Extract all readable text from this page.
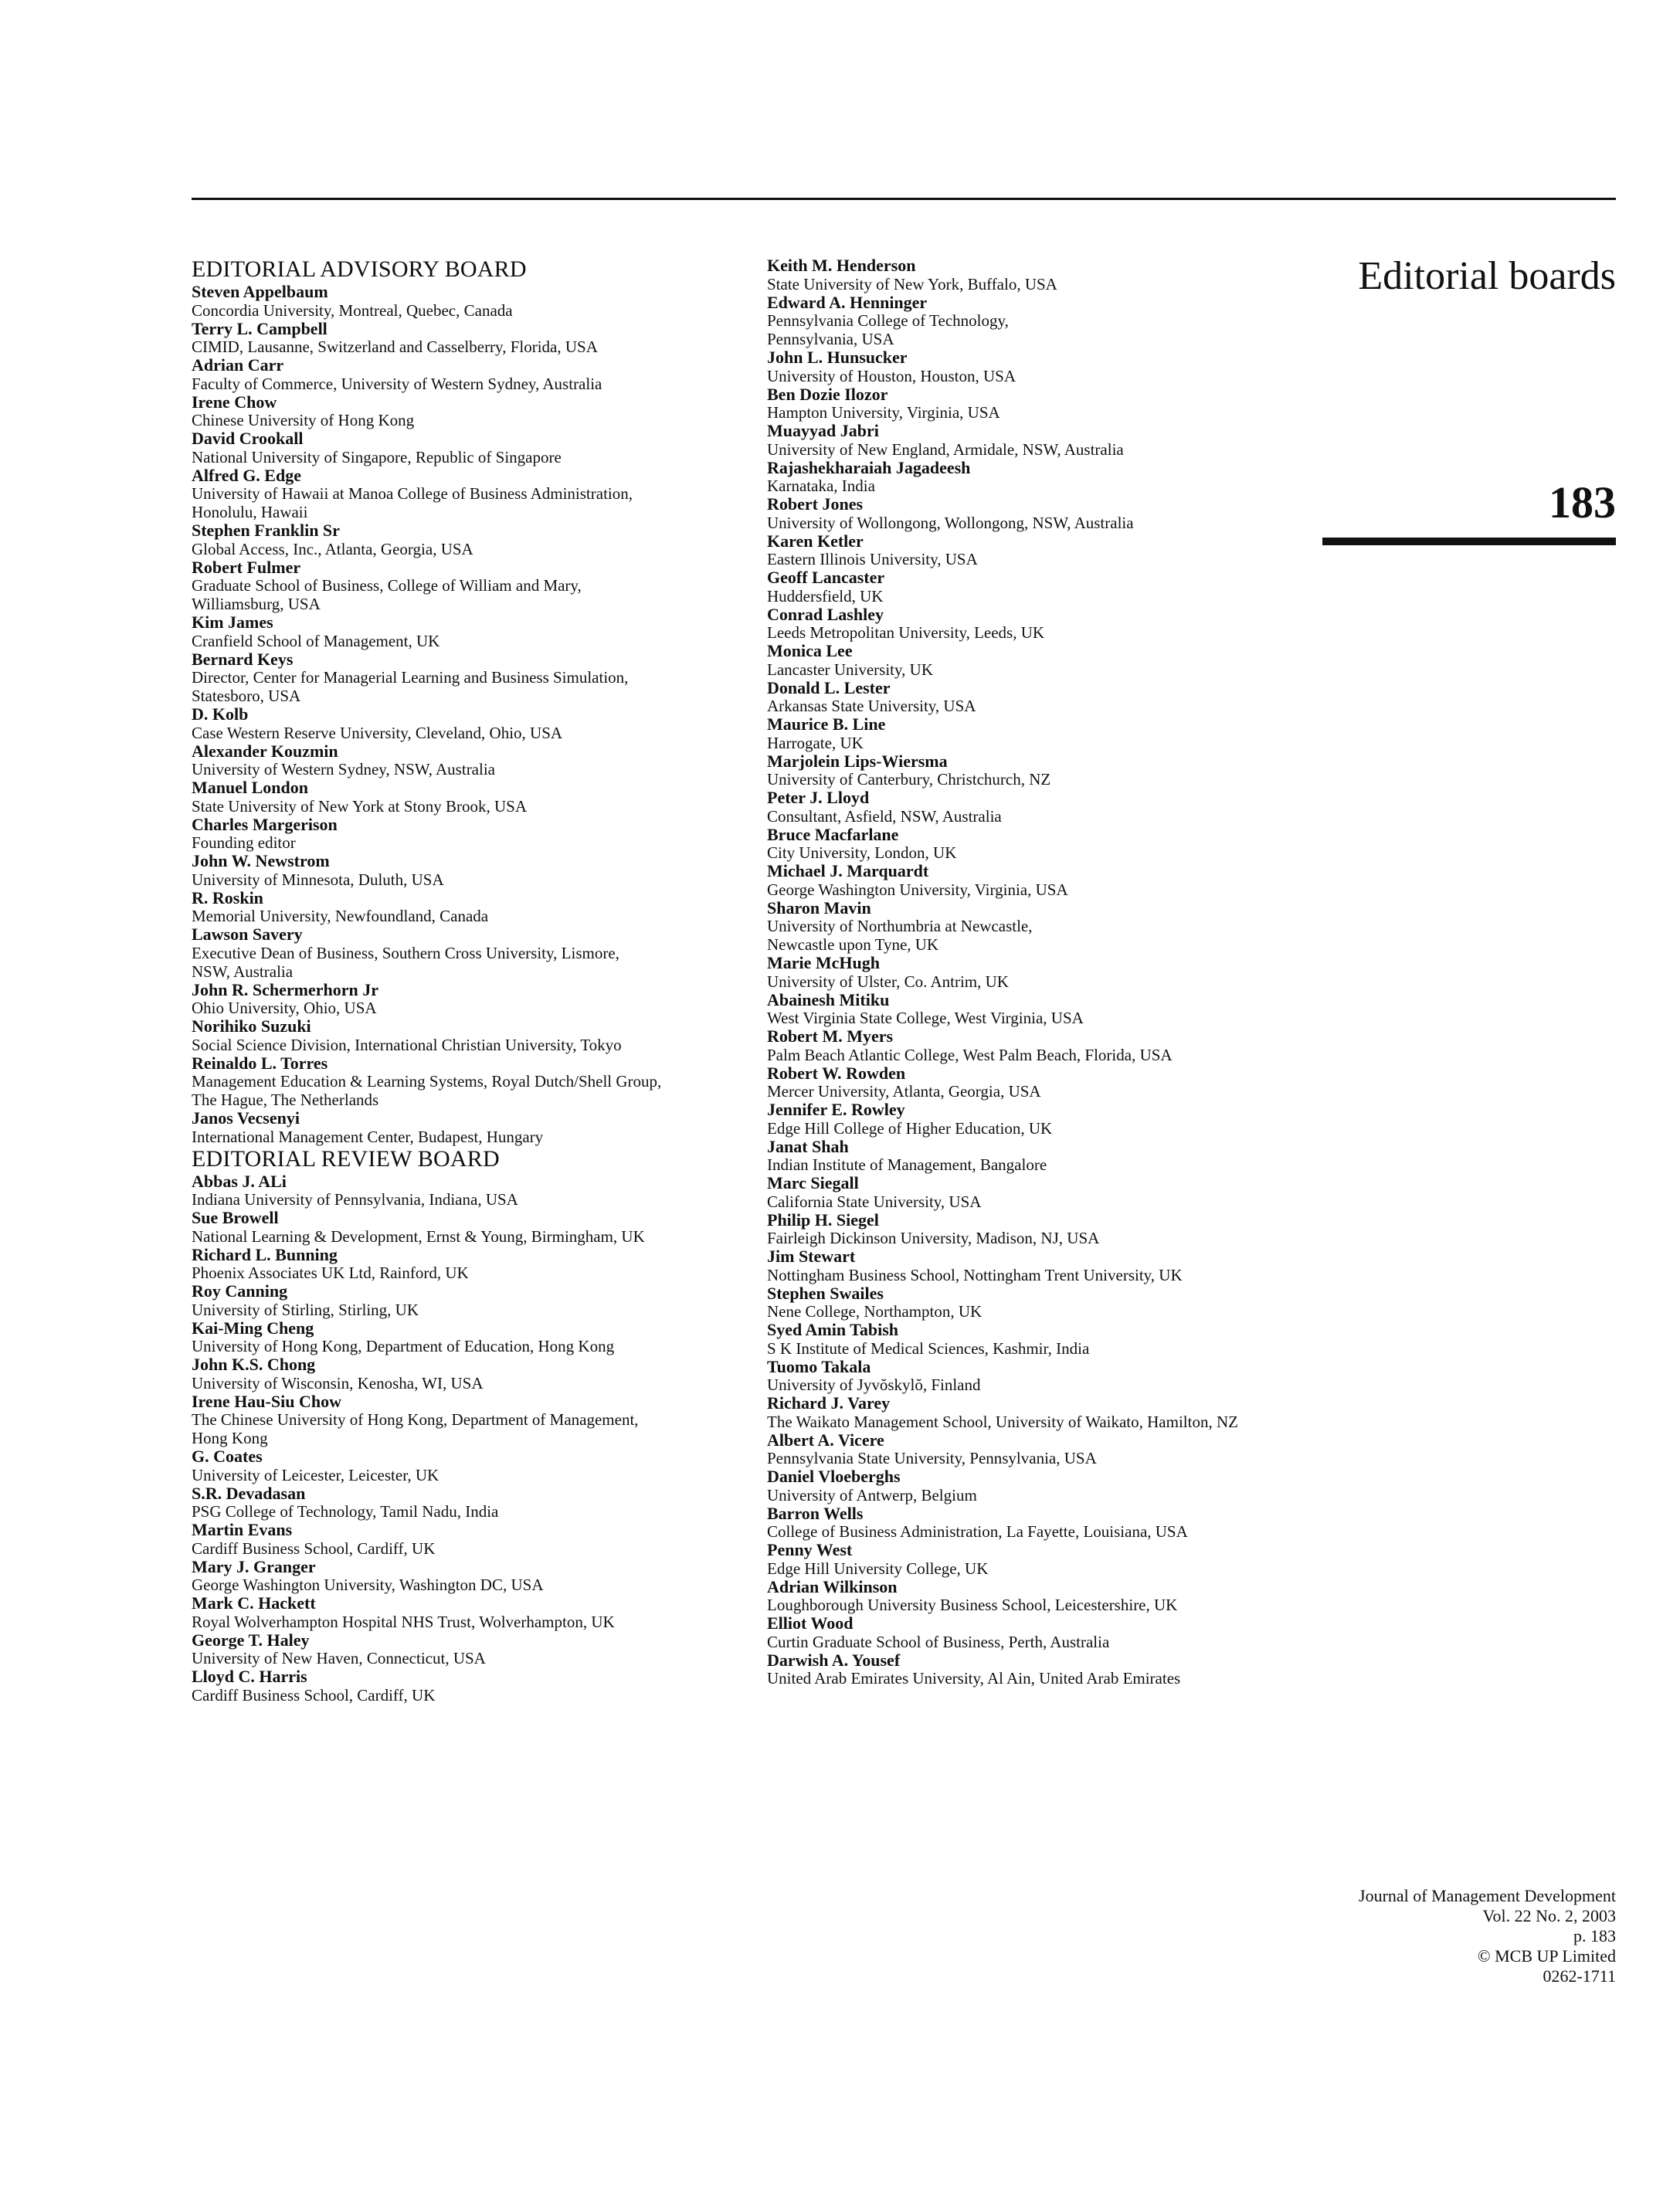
EDITORIAL ADVISORY BOARD
Steven Appelbaum
Concordia University, Montreal, Quebec, Canada
Terry L. Campbell
CIMID, Lausanne, Switzerland and Casselberry, Florida, USA
Adrian Carr
Faculty of Commerce, University of Western Sydney, Australia
Irene Chow
Chinese University of Hong Kong
David Crookall
National University of Singapore, Republic of Singapore
Alfred G. Edge
University of Hawaii at Manoa College of Business Administration,
Honolulu, Hawaii
Stephen Franklin Sr
Global Access, Inc., Atlanta, Georgia, USA
Robert Fulmer
Graduate School of Business, College of William and Mary,
Williamsburg, USA
Kim James
Cranfield School of Management, UK
Bernard Keys
Director, Center for Managerial Learning and Business Simulation,
Statesboro, USA
D. Kolb
Case Western Reserve University, Cleveland, Ohio, USA
Alexander Kouzmin
University of Western Sydney, NSW, Australia
Manuel London
State University of New York at Stony Brook, USA
Charles Margerison
Founding editor
John W. Newstrom
University of Minnesota, Duluth, USA
R. Roskin
Memorial University, Newfoundland, Canada
Lawson Savery
Executive Dean of Business, Southern Cross University, Lismore,
NSW, Australia
John R. Schermerhorn Jr
Ohio University, Ohio, USA
Norihiko Suzuki
Social Science Division, International Christian University, Tokyo
Reinaldo L. Torres
Management Education & Learning Systems, Royal Dutch/Shell Group,
The Hague, The Netherlands
Janos Vecsenyi
International Management Center, Budapest, Hungary
EDITORIAL REVIEW BOARD
Abbas J. ALi
Indiana University of Pennsylvania, Indiana, USA
Sue Browell
National Learning & Development, Ernst & Young, Birmingham, UK
Richard L. Bunning
Phoenix Associates UK Ltd, Rainford, UK
Roy Canning
University of Stirling, Stirling, UK
Kai-Ming Cheng
University of Hong Kong, Department of Education, Hong Kong
John K.S. Chong
University of Wisconsin, Kenosha, WI, USA
Irene Hau-Siu Chow
The Chinese University of Hong Kong, Department of Management,
Hong Kong
G. Coates
University of Leicester, Leicester, UK
S.R. Devadasan
PSG College of Technology, Tamil Nadu, India
Martin Evans
Cardiff Business School, Cardiff, UK
Mary J. Granger
George Washington University, Washington DC, USA
Mark C. Hackett
Royal Wolverhampton Hospital NHS Trust, Wolverhampton, UK
George T. Haley
University of New Haven, Connecticut, USA
Lloyd C. Harris
Cardiff Business School, Cardiff, UK
Keith M. Henderson
State University of New York, Buffalo, USA
Edward A. Henninger
Pennsylvania College of Technology,
Pennsylvania, USA
John L. Hunsucker
University of Houston, Houston, USA
Ben Dozie Ilozor
Hampton University, Virginia, USA
Muayyad Jabri
University of New England, Armidale, NSW, Australia
Rajashekharaiah Jagadeesh
Karnataka, India
Robert Jones
University of Wollongong, Wollongong, NSW, Australia
Karen Ketler
Eastern Illinois University, USA
Geoff Lancaster
Huddersfield, UK
Conrad Lashley
Leeds Metropolitan University, Leeds, UK
Monica Lee
Lancaster University, UK
Donald L. Lester
Arkansas State University, USA
Maurice B. Line
Harrogate, UK
Marjolein Lips-Wiersma
University of Canterbury, Christchurch, NZ
Peter J. Lloyd
Consultant, Asfield, NSW, Australia
Bruce Macfarlane
City University, London, UK
Michael J. Marquardt
George Washington University, Virginia, USA
Sharon Mavin
University of Northumbria at Newcastle,
Newcastle upon Tyne, UK
Marie McHugh
University of Ulster, Co. Antrim, UK
Abainesh Mitiku
West Virginia State College, West Virginia, USA
Robert M. Myers
Palm Beach Atlantic College, West Palm Beach, Florida, USA
Robert W. Rowden
Mercer University, Atlanta, Georgia, USA
Jennifer E. Rowley
Edge Hill College of Higher Education, UK
Janat Shah
Indian Institute of Management, Bangalore
Marc Siegall
California State University, USA
Philip H. Siegel
Fairleigh Dickinson University, Madison, NJ, USA
Jim Stewart
Nottingham Business School, Nottingham Trent University, UK
Stephen Swailes
Nene College, Northampton, UK
Syed Amin Tabish
S K Institute of Medical Sciences, Kashmir, India
Tuomo Takala
University of Jyvŏskylŏ, Finland
Richard J. Varey
The Waikato Management School, University of Waikato, Hamilton, NZ
Albert A. Vicere
Pennsylvania State University, Pennsylvania, USA
Daniel Vloeberghs
University of Antwerp, Belgium
Barron Wells
College of Business Administration, La Fayette, Louisiana, USA
Penny West
Edge Hill University College, UK
Adrian Wilkinson
Loughborough University Business School, Leicestershire, UK
Elliot Wood
Curtin Graduate School of Business, Perth, Australia
Darwish A. Yousef
United Arab Emirates University, Al Ain, United Arab Emirates
Editorial boards
183
Journal of Management Development
Vol. 22 No. 2, 2003
p. 183
© MCB UP Limited
0262-1711
